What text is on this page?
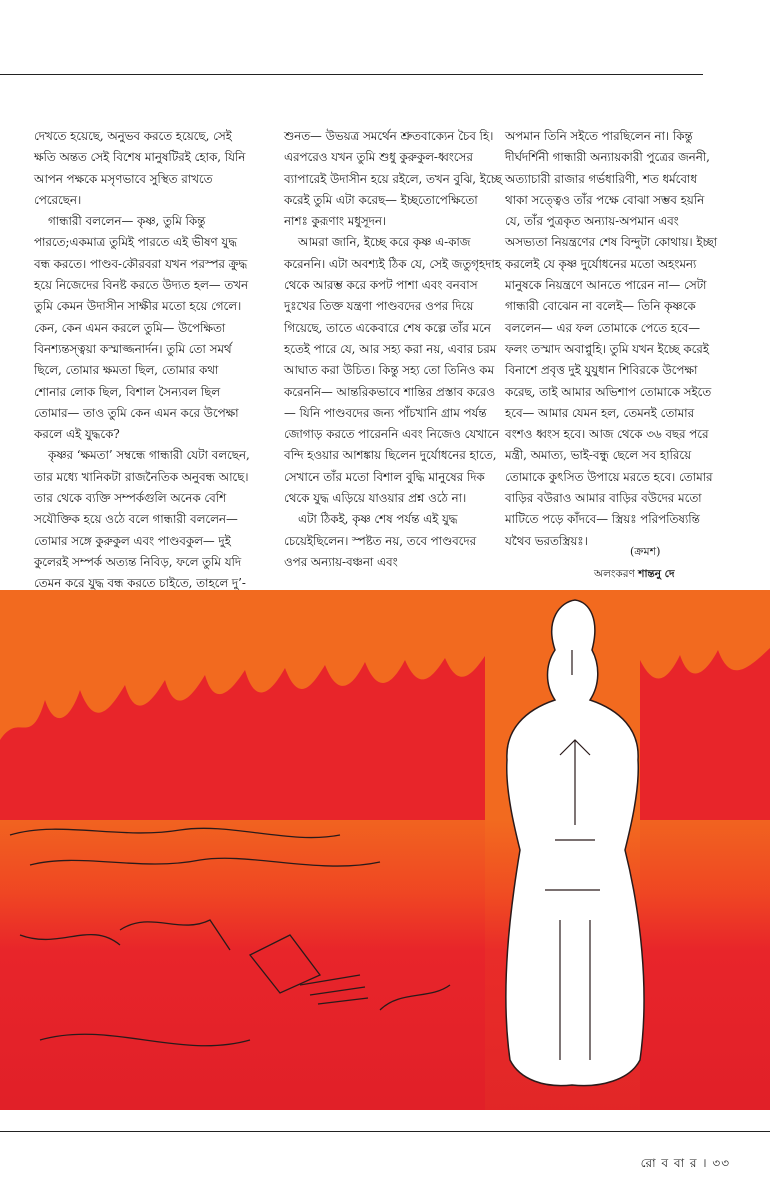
দেখতে হয়েছে, অনুভব করতে হয়েছে, সেই ক্ষতি অন্তত সেই বিশেষ মানুষটিরই হোক, যিনি আপন পক্ষকে মসৃণভাবে সুস্থিত রাখতে পেরেছেন।

গান্ধারী বললেন— কৃষ্ণ, তুমি কিন্তু পারতে;একমাত্র তুমিই পারতে এই ভীষণ যুদ্ধ বন্ধ করতে। পাণ্ডব-কৌরবরা যখন পরস্পর ক্রুদ্ধ হয়ে নিজেদের বিনষ্ট করতে উদ্যত হল— তখন তুমি কেমন উদাসীন সাক্ষীর মতো হয়ে গেলে। কেন, কেন এমন করলে তুমি— উপেক্ষিতা বিনশ্যন্তস্ত্বয়া কস্মাজ্জনার্দন। তুমি তো সমর্থ ছিলে, তোমার ক্ষমতা ছিল, তোমার কথা শোনার লোক ছিল, বিশাল সৈন্যবল ছিল তোমার— তাও তুমি কেন এমন করে উপেক্ষা করলে এই যুদ্ধকে?

কৃষ্ণর ‘ক্ষমতা’ সম্বন্ধে গান্ধারী যেটা বলছেন, তার মধ্যে খানিকটা রাজনৈতিক অনুবন্ধ আছে। তার থেকে ব্যক্তি সম্পর্কগুলি অনেক বেশি সযৌক্তিক হয়ে ওঠে বলে গান্ধারী বললেন— তোমার সঙ্গে কুরুকুল এবং পাণ্ডবকুল— দুই কুলেরই সম্পর্ক অত্যন্ত নিবিড়, ফলে তুমি যদি তেমন করে যুদ্ধ বন্ধ করতে চাইতে, তাহলে দু’-

শুনত— উভয়ত্র সমর্থেন শ্রুতবাক্যেন চৈব হি। এরপরেও যখন তুমি শুধু কুরুকুল-ধ্বংসের ব্যাপারেই উদাসীন হয়ে রইলে, তখন বুঝি, ইচ্ছে করেই তুমি এটা করেছ— ইচ্ছতোপেক্ষিতো নাশঃ কুরূণাং মধুসূদন।

আমরা জানি, ইচ্ছে করে কৃষ্ণ এ-কাজ করেননি। এটা অবশ্যই ঠিক যে, সেই জতুগৃহদাহ থেকে আরম্ভ করে কপট পাশা এবং বনবাস দুঃখের তিক্ত যন্ত্রণা পাণ্ডবদের ওপর দিয়ে গিয়েছে, তাতে একেবারে শেষ কল্পে তাঁর মনে হতেই পারে যে, আর সহ্য করা নয়, এবার চরম আঘাত করা উচিত। কিন্তু সহ্য তো তিনিও কম করেননি— আন্তরিকভাবে শান্তির প্রস্তাব করেও— যিনি পাণ্ডবদের জন্য পাঁচখানি গ্রাম পর্যন্ত জোগাড় করতে পারেননি এবং নিজেও যেখানে বন্দি হওয়ার আশঙ্কায় ছিলেন দুর্যোধনের হাতে, সেখানে তাঁর মতো বিশাল বুদ্ধি মানুষের দিক থেকে যুদ্ধ এড়িয়ে যাওয়ার প্রশ্ন ওঠে না।

এটা ঠিকই, কৃষ্ণ শেষ পর্যন্ত এই যুদ্ধ চেয়েইছিলেন। স্পষ্টত নয়, তবে পাণ্ডবদের ওপর অন্যায়-বঞ্চনা এবং

অপমান তিনি সইতে পারছিলেন না। কিন্তু দীর্ঘদর্শিনী গান্ধারী অন্যায়কারী পুত্রের জননী, অত্যাচারী রাজার গর্ভধারিণী, শত ধর্মবোধ থাকা সত্ত্বেও তাঁর পক্ষে বোঝা সম্ভব হয়নি যে, তাঁর পুত্রকৃত অন্যায়-অপমান এবং অসভ্যতা নিয়ন্ত্রণের শেষ বিন্দুটা কোথায়। ইচ্ছা করলেই যে কৃষ্ণ দুর্যোধনের মতো অহংমন্য মানুষকে নিয়ন্ত্রণে আনতে পারেন না— সেটা গান্ধারী বোঝেন না বলেই— তিনি কৃষ্ণকে বললেন— এর ফল তোমাকে পেতে হবে— ফলং তস্মাদ অবাপ্নুহি। তুমি যখন ইচ্ছে করেই বিনাশে প্রবৃত্ত দুই যুযুধান শিবিরকে উপেক্ষা করেছ, তাই আমার অভিশাপ তোমাকে সইতে হবে— আমার যেমন হল, তেমনই তোমার বংশও ধ্বংস হবে। আজ থেকে ৩৬ বছর পরে মন্ত্রী, অমাত্য, ভাই-বন্ধু ছেলে সব হারিয়ে তোমাকে কুৎসিত উপায়ে মরতে হবে। তোমার বাড়ির বউরাও আমার বাড়ির বউদের মতো মাটিতে পড়ে কাঁদবে— স্ত্রিয়ঃ পরিপতিষ্যন্তি যথৈব ভরতস্ত্রিয়ঃ।

(ক্রমশ)
অলংকরণ শান্তনু দে
রো ব বা র । ৩৩
